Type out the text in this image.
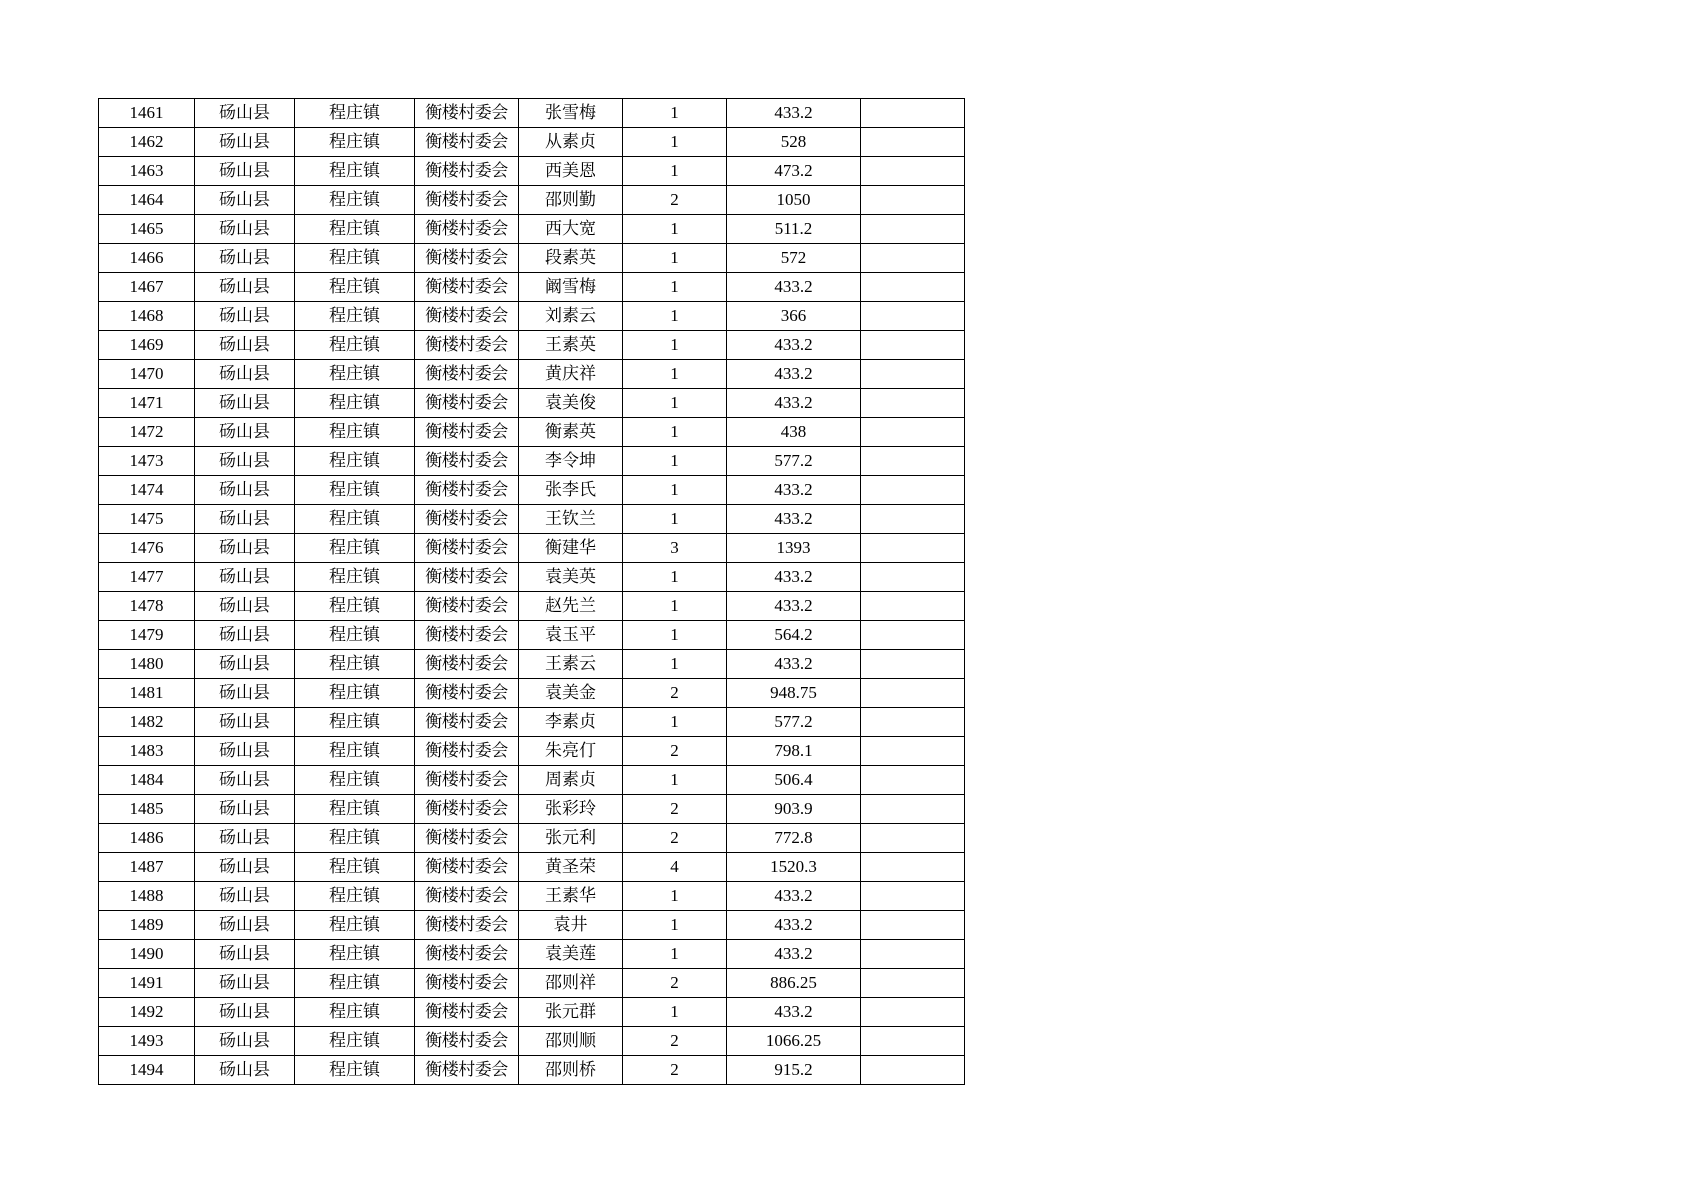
1461	砀山县	程庄镇	衡楼村委会	张雪梅	1	433.2	
1462	砀山县	程庄镇	衡楼村委会	从素贞	1	528	
1463	砀山县	程庄镇	衡楼村委会	西美恩	1	473.2	
1464	砀山县	程庄镇	衡楼村委会	邵则勤	2	1050	
1465	砀山县	程庄镇	衡楼村委会	西大宽	1	511.2	
1466	砀山县	程庄镇	衡楼村委会	段素英	1	572	
1467	砀山县	程庄镇	衡楼村委会	阚雪梅	1	433.2	
1468	砀山县	程庄镇	衡楼村委会	刘素云	1	366	
1469	砀山县	程庄镇	衡楼村委会	王素英	1	433.2	
1470	砀山县	程庄镇	衡楼村委会	黄庆祥	1	433.2	
1471	砀山县	程庄镇	衡楼村委会	袁美俊	1	433.2	
1472	砀山县	程庄镇	衡楼村委会	衡素英	1	438	
1473	砀山县	程庄镇	衡楼村委会	李令坤	1	577.2	
1474	砀山县	程庄镇	衡楼村委会	张李氏	1	433.2	
1475	砀山县	程庄镇	衡楼村委会	王钦兰	1	433.2	
1476	砀山县	程庄镇	衡楼村委会	衡建华	3	1393	
1477	砀山县	程庄镇	衡楼村委会	袁美英	1	433.2	
1478	砀山县	程庄镇	衡楼村委会	赵先兰	1	433.2	
1479	砀山县	程庄镇	衡楼村委会	袁玉平	1	564.2	
1480	砀山县	程庄镇	衡楼村委会	王素云	1	433.2	
1481	砀山县	程庄镇	衡楼村委会	袁美金	2	948.75	
1482	砀山县	程庄镇	衡楼村委会	李素贞	1	577.2	
1483	砀山县	程庄镇	衡楼村委会	朱亮仃	2	798.1	
1484	砀山县	程庄镇	衡楼村委会	周素贞	1	506.4	
1485	砀山县	程庄镇	衡楼村委会	张彩玲	2	903.9	
1486	砀山县	程庄镇	衡楼村委会	张元利	2	772.8	
1487	砀山县	程庄镇	衡楼村委会	黄圣荣	4	1520.3	
1488	砀山县	程庄镇	衡楼村委会	王素华	1	433.2	
1489	砀山县	程庄镇	衡楼村委会	袁井	1	433.2	
1490	砀山县	程庄镇	衡楼村委会	袁美莲	1	433.2	
1491	砀山县	程庄镇	衡楼村委会	邵则祥	2	886.25	
1492	砀山县	程庄镇	衡楼村委会	张元群	1	433.2	
1493	砀山县	程庄镇	衡楼村委会	邵则顺	2	1066.25	
1494	砀山县	程庄镇	衡楼村委会	邵则桥	2	915.2	
